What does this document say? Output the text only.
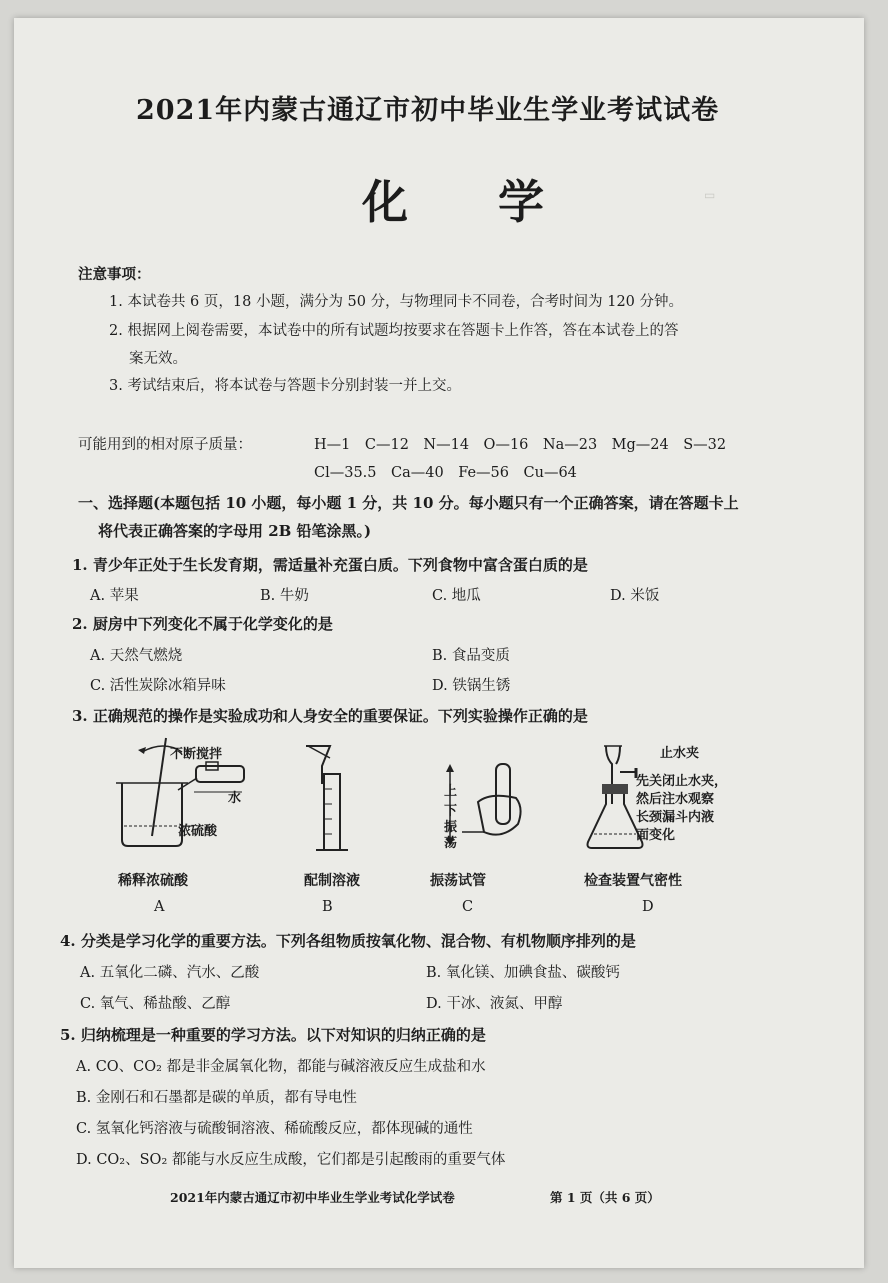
▭
2021年内蒙古通辽市初中毕业生学业考试试卷
化学
注意事项：
1. 本试卷共 6 页，18 小题，满分为 50 分，与物理同卡不同卷，合考时间为 120 分钟。
2. 根据网上阅卷需要，本试卷中的所有试题均按要求在答题卡上作答，答在本试卷上的答
案无效。
3. 考试结束后，将本试卷与答题卡分别封装一并上交。
可能用到的相对原子质量：	H—1　C—12　N—14　O—16　Na—23　Mg—24　S—32
Cl—35.5　Ca—40　Fe—56　Cu—64
一、选择题(本题包括 10 小题，每小题 1 分，共 10 分。每小题只有一个正确答案，请在答题卡上
将代表正确答案的字母用 2B 铅笔涂黑。)
1. 青少年正处于生长发育期，需适量补充蛋白质。下列食物中富含蛋白质的是
A. 苹果	B. 牛奶	C. 地瓜	D. 米饭
2. 厨房中下列变化不属于化学变化的是
A. 天然气燃烧	B. 食品变质
C. 活性炭除冰箱异味	D. 铁锅生锈
3. 正确规范的操作是实验成功和人身安全的重要保证。下列实验操作正确的是
不断搅拌
水
浓硫酸
稀释浓硫酸
A
配制溶液
B
上
下
振
荡
振荡试管
C
止水夹
先关闭止水夹，
然后注水观察
长颈漏斗内液
面变化
检查装置气密性
D
4. 分类是学习化学的重要方法。下列各组物质按氧化物、混合物、有机物顺序排列的是
A. 五氧化二磷、汽水、乙酸	B. 氧化镁、加碘食盐、碳酸钙
C. 氧气、稀盐酸、乙醇	D. 干冰、液氮、甲醇
5. 归纳梳理是一种重要的学习方法。以下对知识的归纳正确的是
A. CO、CO₂ 都是非金属氧化物，都能与碱溶液反应生成盐和水
B. 金刚石和石墨都是碳的单质，都有导电性
C. 氢氧化钙溶液与硫酸铜溶液、稀硫酸反应，都体现碱的通性
D. CO₂、SO₂ 都能与水反应生成酸，它们都是引起酸雨的重要气体
2021年内蒙古通辽市初中毕业生学业考试化学试卷	第 1 页（共 6 页）
